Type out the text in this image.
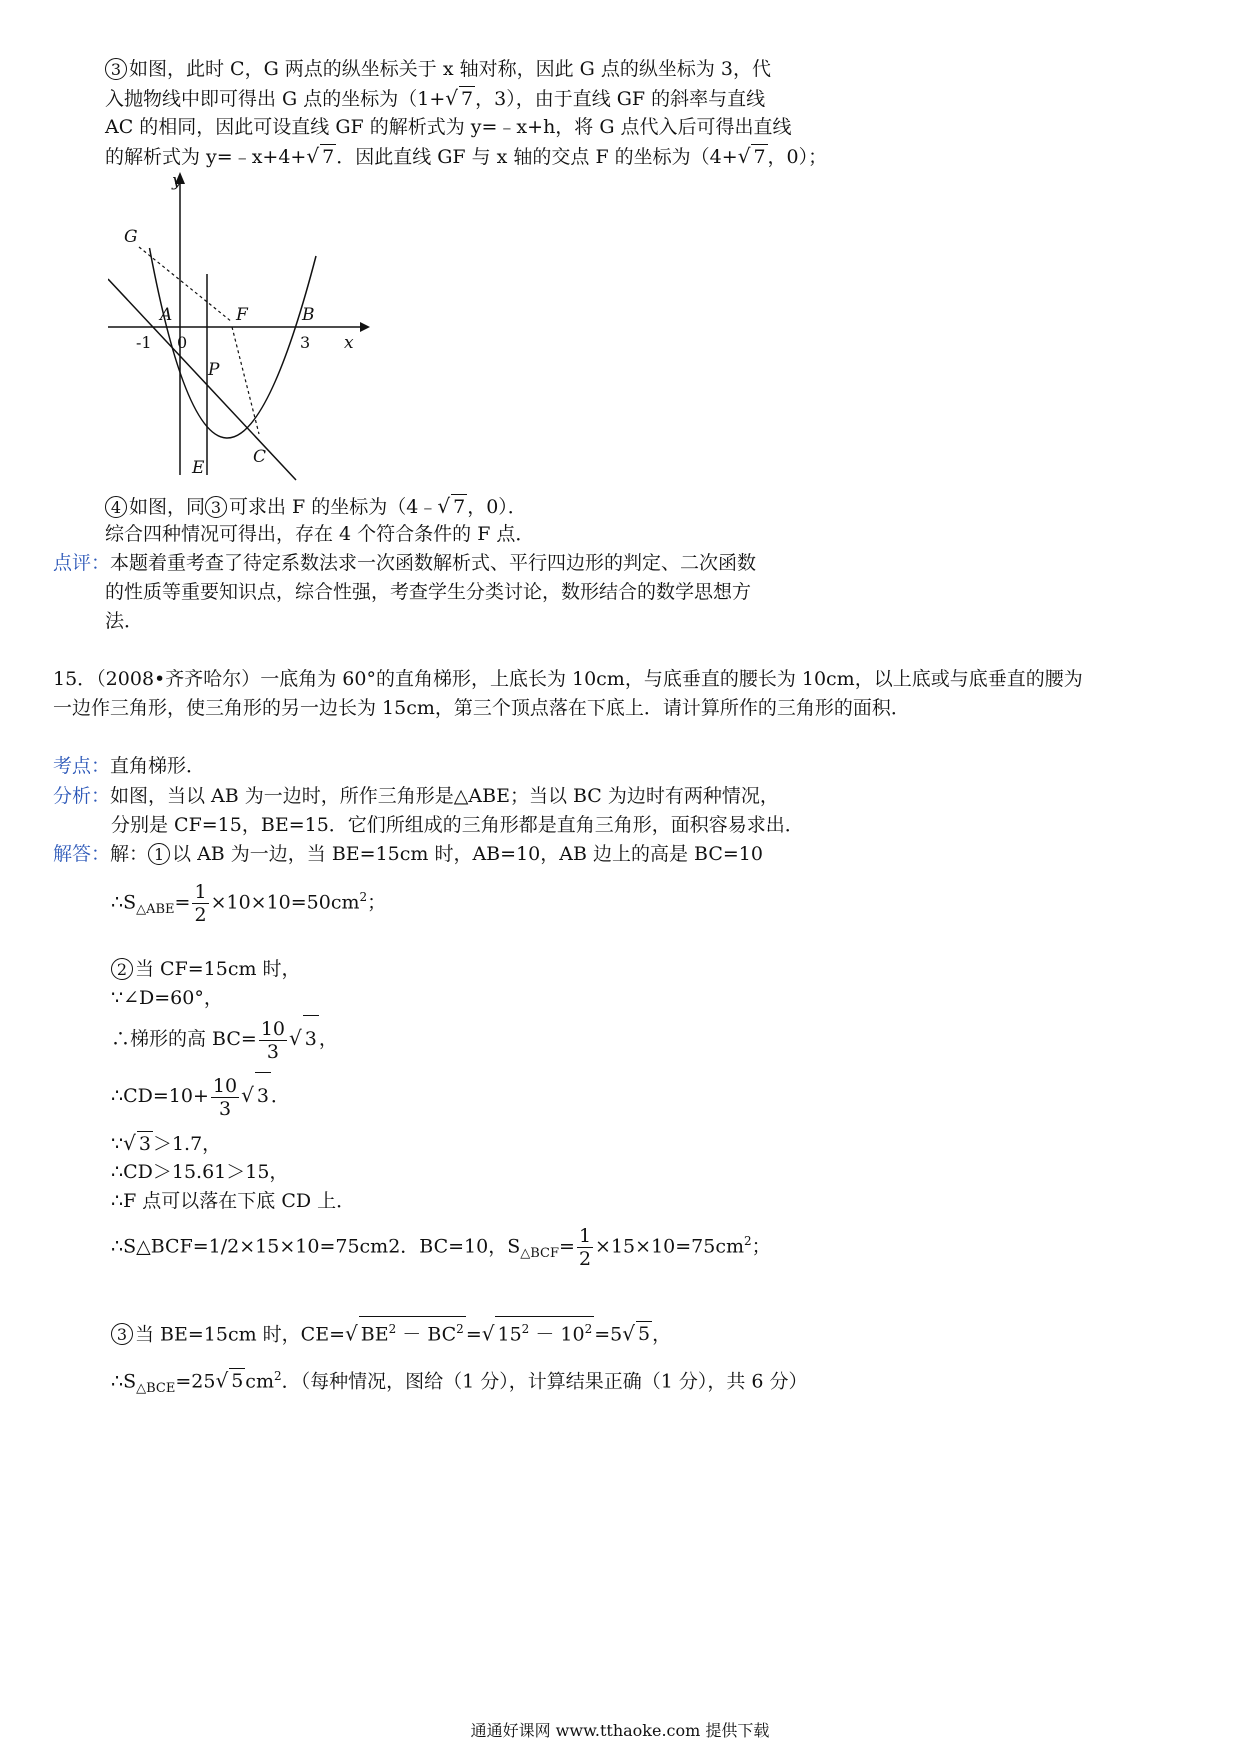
3 如图，此时 C，G 两点的纵坐标关于 x 轴对称，因此 G 点的纵坐标为 3，代
入抛物线中即可得出 G 点的坐标为（1+√ 7 ，3），由于直线 GF 的斜率与直线
AC 的相同，因此可设直线 GF 的解析式为 y=﹣x+h，将 G 点代入后可得出直线
的解析式为 y=﹣x+4+√ 7 ．因此直线 GF 与 x 轴的交点 F 的坐标为（4+√ 7 ，0）；
y
x
G
A	F	B
P
E
C
-1 0	3
4 如图，同 3 可求出 F 的坐标为（4﹣√ 7 ，0）．
综合四种情况可得出，存在 4 个符合条件的 F 点．
点评：本题着重考查了待定系数法求一次函数解析式、平行四边形的判定、二次函数
的性质等重要知识点，综合性强，考查学生分类讨论，数形结合的数学思想方
法．
15．（2008•齐齐哈尔）一底角为 60°的直角梯形，上底长为 10cm，与底垂直的腰长为 10cm，以上底或与底垂直的腰为
一边作三角形，使三角形的另一边长为 15cm，第三个顶点落在下底上．请计算所作的三角形的面积．
考点：直角梯形．
分析：如图，当以 AB 为一边时，所作三角形是△ABE；当以 BC 为边时有两种情况，
分别是 CF=15，BE=15．它们所组成的三角形都是直角三角形，面积容易求出．
解答：解： 1 以 AB 为一边，当 BE=15cm 时，AB=10，AB 边上的高是 BC=10
$\therefore S_{\triangle ABE}= \frac{1}{2} \times 10\times 10=50cm^2$；
2 当 CF=15cm 时，
∵∠D=60°，
∴梯形的高 $BC= \frac{10}{3}$ √ 3 ，
∴CD=10+ $\frac{10}{3}$ √ 3 ．
∵√ 3 ＞1.7，
∴CD＞15.61＞15，
∴F 点可以落在下底 CD 上．
∴S△BCF=1/2×15×10=75cm2．BC=10，$S_{\triangle BCF}= \frac{1}{2} \times 15\times 10=75cm^2$；
3 当 BE=15cm 时，CE=√ $BE^2 - BC^2$ =√ $15^2 - 10^2 =5√$ 5 ，
$\therefore S_{\triangle BCE}=25√$ 5 $cm^2$．（每种情况，图给（1 分），计算结果正确（1 分），共 6 分）
通通好课网 www.tthaoke.com 提供下载
